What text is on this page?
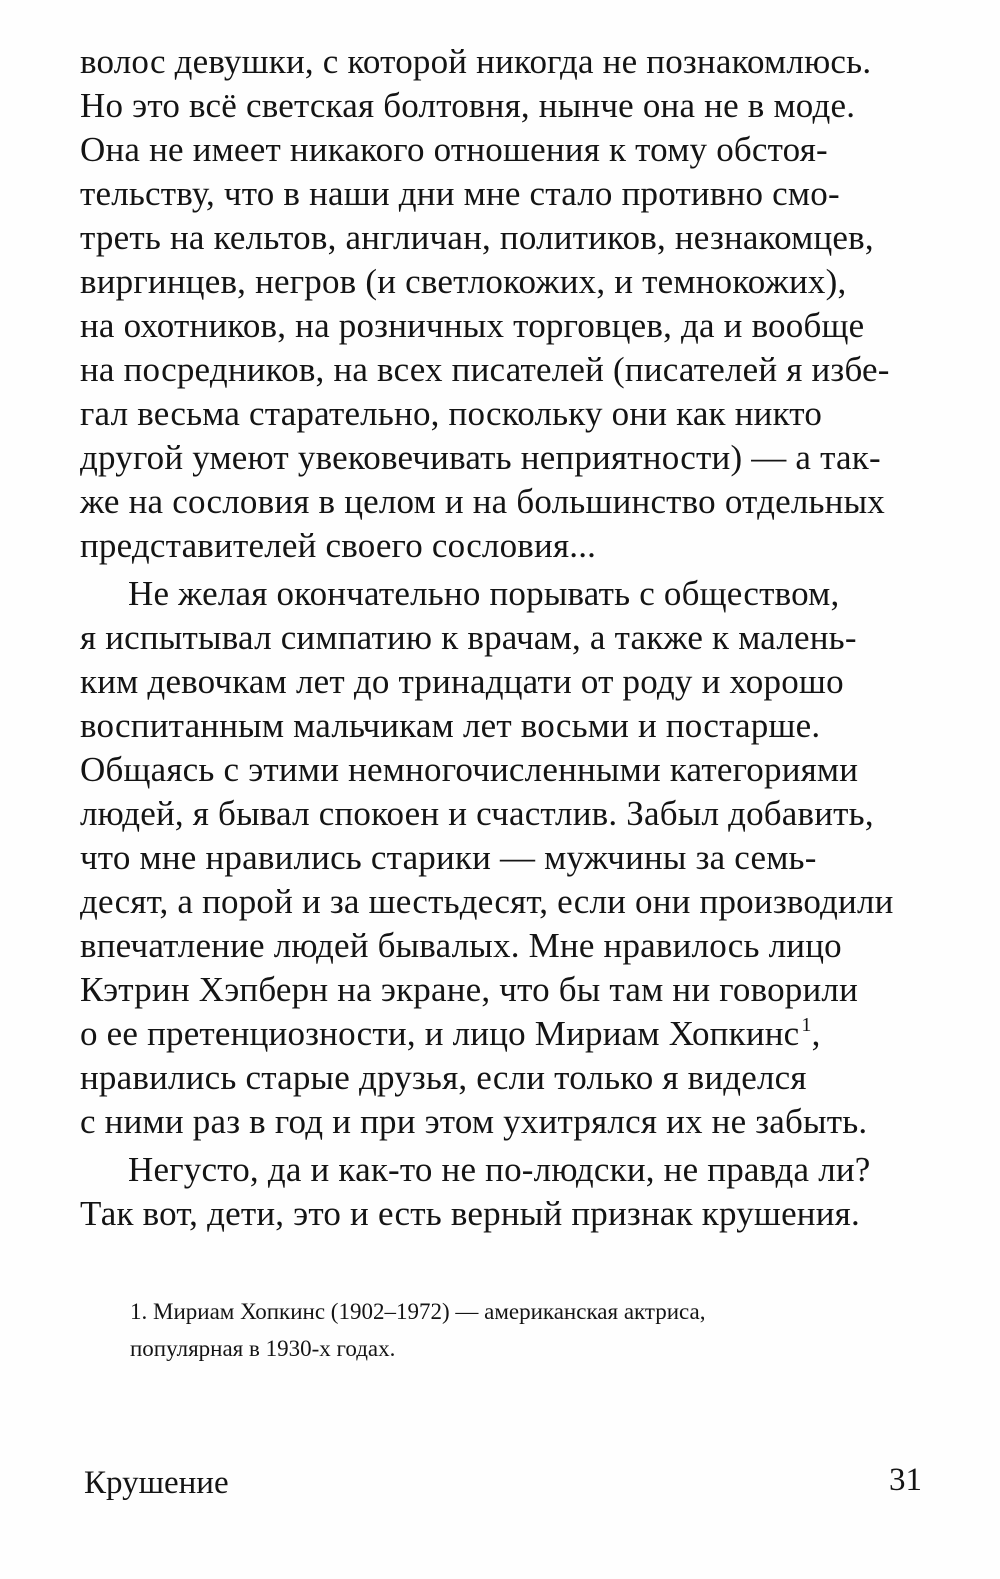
волос девушки, с которой никогда не познакомлюсь.
Но это всё светская болтовня, нынче она не в моде.
Она не имеет никакого отношения к тому обстоя-
тельству, что в наши дни мне стало противно смо-
треть на кельтов, англичан, политиков, незнакомцев,
виргинцев, негров (и светлокожих, и темнокожих),
на охотников, на розничных торговцев, да и вообще
на посредников, на всех писателей (писателей я избе-
гал весьма старательно, поскольку они как никто
другой умеют увековечивать неприятности) — а так-
же на сословия в целом и на большинство отдельных
представителей своего сословия...
Не желая окончательно порывать с обществом,
я испытывал симпатию к врачам, а также к малень-
ким девочкам лет до тринадцати от роду и хорошо
воспитанным мальчикам лет восьми и постарше.
Общаясь с этими немногочисленными категориями
людей, я бывал спокоен и счастлив. Забыл добавить,
что мне нравились старики — мужчины за семь-
десят, а порой и за шестьдесят, если они производили
впечатление людей бывалых. Мне нравилось лицо
Кэтрин Хэпберн на экране, что бы там ни говорили
о ее претенциозности, и лицо Мириам Хопкинс $^1$,
нравились старые друзья, если только я виделся
с ними раз в год и при этом ухитрялся их не забыть.
Негусто, да и как-то не по-людски, не правда ли?
Так вот, дети, это и есть верный признак крушения.
1. Мириам Хопкинс (1902–1972) — американская актриса,
популярная в 1930-х годах.
Крушение	31
